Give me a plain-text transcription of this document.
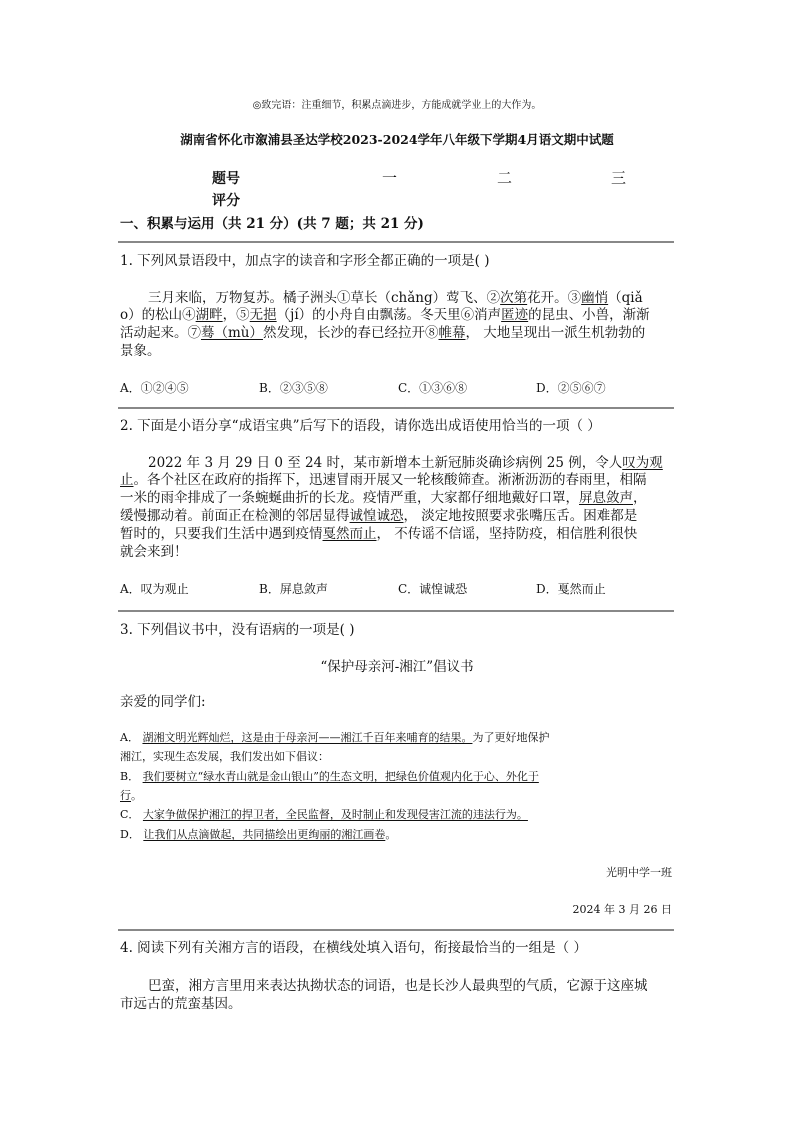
◎致完语：注重细节，积累点滴进步，方能成就学业上的大作为。
湖南省怀化市溆浦县圣达学校2023-2024学年八年级下学期4月语文期中试题
题号	一	二	三
评分
一、积累与运用（共 21 分）(共 7 题；共 21 分)
1. 下列风景语段中，加点字的读音和字形全都正确的一项是( )
三月来临，万物复苏。橘子洲头①草长（chǎng）莺飞、②次第花开。③幽悄（qiǎ
o）的松山④湖畔，⑤无挹（jí）的小舟自由飘荡。冬天里⑥消声匿迹的昆虫、小兽，渐渐
活动起来。⑦蓦（mù）然发现，长沙的春已经拉开⑧帷幕， 大地呈现出一派生机勃勃的
景象。
A．①②④⑤	B．②③⑤⑧	C．①③⑥⑧	D．②⑤⑥⑦
2. 下面是小语分享“成语宝典”后写下的语段，请你选出成语使用恰当的一项（ ）
2022 年 3 月 29 日 0 至 24 时，某市新增本土新冠肺炎确诊病例 25 例，令人叹为观
止。各个社区在政府的指挥下，迅速冒雨开展又一轮核酸筛查。淅淅沥沥的春雨里，相隔
一米的雨伞排成了一条蜿蜒曲折的长龙。疫情严重，大家都仔细地戴好口罩，屏息敛声，
缓慢挪动着。前面正在检测的邻居显得诚惶诚恐， 淡定地按照要求张嘴压舌。困难都是
暂时的，只要我们生活中遇到疫情戛然而止， 不传谣不信谣，坚持防疫，相信胜利很快
就会来到！
A．叹为观止	B．屏息敛声	C．诚惶诚恐	D．戛然而止
3. 下列倡议书中，没有语病的一项是( )
“保护母亲河-湘江”倡议书
亲爱的同学们:
A． 湖湘文明光辉灿烂，这是由于母亲河——湘江千百年来哺育的结果。为了更好地保护
湘江，实现生态发展，我们发出如下倡议：
B． 我们要树立“绿水青山就是金山银山”的生态文明，把绿色价值观内化于心、外化于
行。
C． 大家争做保护湘江的捍卫者，全民监督，及时制止和发现侵害江流的违法行为。
D． 让我们从点滴做起，共同描绘出更绚丽的湘江画卷。
光明中学一班
2024 年 3 月 26 日
4. 阅读下列有关湘方言的语段，在横线处填入语句，衔接最恰当的一组是（ ）
巴蛮，湘方言里用来表达执拗状态的词语，也是长沙人最典型的气质，它源于这座城
市远古的荒蛮基因。
